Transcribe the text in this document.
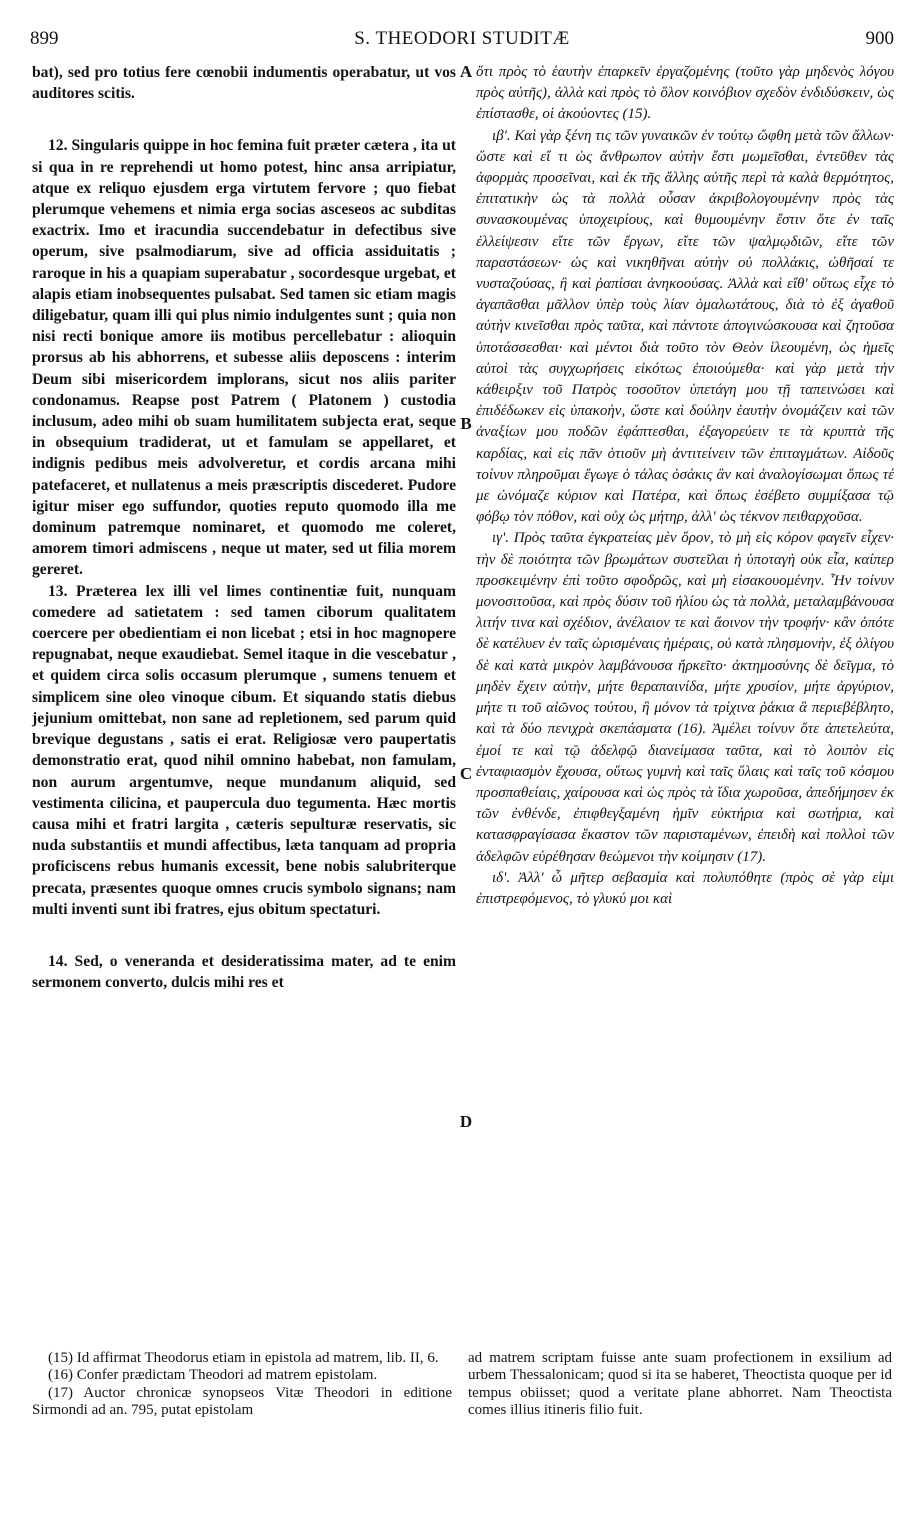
899	S. THEODORI STUDITÆ	900

bat), sed pro totius fere cœnobii indumentis operabatur, ut vos auditores scitis.

12. Singularis quippe in hoc femina fuit præter cætera , ita ut si qua in re reprehendi ut homo potest, hinc ansa arripiatur, atque ex reliquo ejusdem erga virtutem fervore ; quo fiebat plerumque vehemens et nimia erga socias asceseos ac subditas exactrix. Imo et iracundia succendebatur in defectibus sive operum, sive psalmodiarum, sive ad officia assiduitatis ; raroque in his a quapiam superabatur , socordesque urgebat, et alapis etiam inobsequentes pulsabat. Sed tamen sic etiam magis diligebatur, quam illi qui plus nimio indulgentes sunt ; quia non nisi recti bonique amore iis motibus percellebatur : alioquin prorsus ab his abhorrens, et subesse aliis deposcens : interim Deum sibi misericordem implorans, sicut nos aliis pariter condonamus. Reapse post Patrem ( Platonem ) custodia inclusum, adeo mihi ob suam humilitatem subjecta erat, seque in obsequium tradiderat, ut et famulam se appellaret, et indignis pedibus meis advolveretur, et cordis arcana mihi patefaceret, et nullatenus a meis præscriptis discederet. Pudore igitur miser ego suffundor, quoties reputo quomodo illa me dominum patremque nominaret, et quomodo me coleret, amorem timori admiscens , neque ut mater, sed ut filia morem gereret.

13. Præterea lex illi vel limes continentiæ fuit, nunquam comedere ad satietatem : sed tamen ciborum qualitatem coercere per obedientiam ei non licebat ; etsi in hoc magnopere repugnabat, neque exaudiebat. Semel itaque in die vescebatur , et quidem circa solis occasum plerumque , sumens tenuem et simplicem sine oleo vinoque cibum. Et siquando statis diebus jejunium omittebat, non sane ad repletionem, sed parum quid brevique degustans , satis ei erat. Religiosæ vero paupertatis demonstratio erat, quod nihil omnino habebat, non famulam, non aurum argentumve, neque mundanum aliquid, sed vestimenta cilicina, et paupercula duo tegumenta. Hæc mortis causa mihi et fratri largita , cæteris sepulturæ reservatis, sic nuda substantiis et mundi affectibus, læta tanquam ad propria proficiscens rebus humanis excessit, bene nobis salubriterque precata, præsentes quoque omnes crucis symbolo signans; nam multi inventi sunt ibi fratres, ejus obitum spectaturi.

14. Sed, o veneranda et desideratissima mater, ad te enim sermonem converto, dulcis mihi res et

A
B
C
D

ὅτι πρὸς τὸ ἑαυτὴν ἐπαρκεῖν ἐργαζομένης (τοῦτο γὰρ μηδενὸς λόγου πρὸς αὐτῆς), ἀλλὰ καὶ πρὸς τὸ ὅλον κοινόβιον σχεδὸν ἐνδιδύσκειν, ὡς ἐπίστασθε, οἱ ἀκούοντες (15).

ιβʹ. Καὶ γὰρ ξένη τις τῶν γυναικῶν ἐν τούτῳ ὤφθη μετὰ τῶν ἄλλων· ὥστε καὶ εἴ τι ὡς ἄνθρωπον αὐτὴν ἔστι μωμεῖσθαι, ἐντεῦθεν τὰς ἀφορμὰς προσεῖναι, καὶ ἐκ τῆς ἄλλης αὐτῆς περὶ τὰ καλὰ θερμότητος, ἐπιτατικὴν ὡς τὰ πολλὰ οὖσαν ἀκριβολογουμένην πρὸς τὰς συνασκουμένας ὑποχειρίους, καὶ θυμουμένην ἔστιν ὅτε ἐν ταῖς ἐλλείψεσιν εἴτε τῶν ἔργων, εἴτε τῶν ψαλμῳδιῶν, εἴτε τῶν παραστάσεων· ὡς καὶ νικηθῆναι αὐτὴν οὐ πολλάκις, ὠθῆσαί τε νυσταζούσας, ἢ καὶ ῥαπίσαι ἀνηκοούσας. Ἀλλὰ καὶ εἴθ' οὕτως εἶχε τὸ ἀγαπᾶσθαι μᾶλλον ὑπὲρ τοὺς λίαν ὁμαλωτάτους, διὰ τὸ ἐξ ἀγαθοῦ αὐτὴν κινεῖσθαι πρὸς ταῦτα, καὶ πάντοτε ἀπογινώσκουσα καὶ ζητοῦσα ὑποτάσσεσθαι· καὶ μέντοι διὰ τοῦτο τὸν Θεὸν ἱλεουμένη, ὡς ἡμεῖς αὐτοὶ τὰς συγχωρήσεις εἰκότως ἐποιούμεθα· καὶ γὰρ μετὰ τὴν κάθειρξιν τοῦ Πατρὸς τοσοῦτον ὑπετάγη μου τῇ ταπεινώσει καὶ ἐπιδέδωκεν εἰς ὑπακοὴν, ὥστε καὶ δούλην ἑαυτὴν ὀνομάζειν καὶ τῶν ἀναξίων μου ποδῶν ἐφάπτεσθαι, ἐξαγορεύειν τε τὰ κρυπτὰ τῆς καρδίας, καὶ εἰς πᾶν ὁτιοῦν μὴ ἀντιτείνειν τῶν ἐπιταγμάτων. Αἰδοῦς τοίνυν πληροῦμαι ἔγωγε ὁ τάλας ὁσάκις ἂν καὶ ἀναλογίσωμαι ὅπως τέ με ὠνόμαζε κύριον καὶ Πατέρα, καὶ ὅπως ἐσέβετο συμμίξασα τῷ φόβῳ τὸν πόθον, καὶ οὐχ ὡς μήτηρ, ἀλλ' ὡς τέκνον πειθαρχοῦσα.

ιγʹ. Πρὸς ταῦτα ἐγκρατείας μὲν ὅρον, τὸ μὴ εἰς κόρον φαγεῖν εἶχεν· τὴν δὲ ποιότητα τῶν βρωμάτων συστεῖλαι ἡ ὑποταγὴ οὐκ εἶα, καίπερ προσκειμένην ἐπὶ τοῦτο σφοδρῶς, καὶ μὴ εἰσακουομένην. Ἦν τοίνυν μονοσιτοῦσα, καὶ πρὸς δύσιν τοῦ ἡλίου ὡς τὰ πολλὰ, μεταλαμβάνουσα λιτήν τινα καὶ σχέδιον, ἀνέλαιον τε καὶ ἄοινον τὴν τροφήν· κἂν ὁπότε δὲ κατέλυεν ἐν ταῖς ὡρισμέναις ἡμέραις, οὐ κατὰ πλησμονὴν, ἐξ ὀλίγου δὲ καὶ κατὰ μικρὸν λαμβάνουσα ἤρκεῖτο· ἀκτημοσύνης δὲ δεῖγμα, τὸ μηδὲν ἔχειν αὐτὴν, μήτε θεραπαινίδα, μήτε χρυσίον, μήτε ἀργύριον, μήτε τι τοῦ αἰῶνος τούτου, ἢ μόνον τὰ τρίχινα ῥάκια ἃ περιεβέβλητο, καὶ τὰ δύο πενιχρὰ σκεπάσματα (16). Ἀμέλει τοίνυν ὅτε ἀπετελεύτα, ἐμοί τε καὶ τῷ ἀδελφῷ διανείμασα ταῦτα, καὶ τὸ λοιπὸν εἰς ἐνταφιασμὸν ἔχουσα, οὕτως γυμνὴ καὶ ταῖς ὕλαις καὶ ταῖς τοῦ κόσμου προσπαθείαις, χαίρουσα καὶ ὡς πρὸς τὰ ἴδια χωροῦσα, ἀπεδήμησεν ἐκ τῶν ἐνθένδε, ἐπιφθεγξαμένη ἡμῖν εὐκτήρια καὶ σωτήρια, καὶ κατασφραγίσασα ἕκαστον τῶν παρισταμένων, ἐπειδὴ καὶ πολλοὶ τῶν ἀδελφῶν εὑρέθησαν θεώμενοι τὴν κοίμησιν (17).

ιδʹ. Ἀλλ' ὦ μῆτερ σεβασμία καὶ πολυπόθητε (πρὸς σὲ γὰρ εἰμι ἐπιστρεφόμενος, τὸ γλυκύ μοι καὶ

(15) Id affirmat Theodorus etiam in epistola ad matrem, lib. II, 6.

(16) Confer prædictam Theodori ad matrem epistolam.

(17) Auctor chronicæ synopseos Vitæ Theodori in editione Sirmondi ad an. 795, putat epistolam

ad matrem scriptam fuisse ante suam profectionem in exsilium ad urbem Thessalonicam; quod si ita se haberet, Theoctista quoque per id tempus obiisset; quod a veritate plane abhorret. Nam Theoctista comes illius itineris filio fuit.
